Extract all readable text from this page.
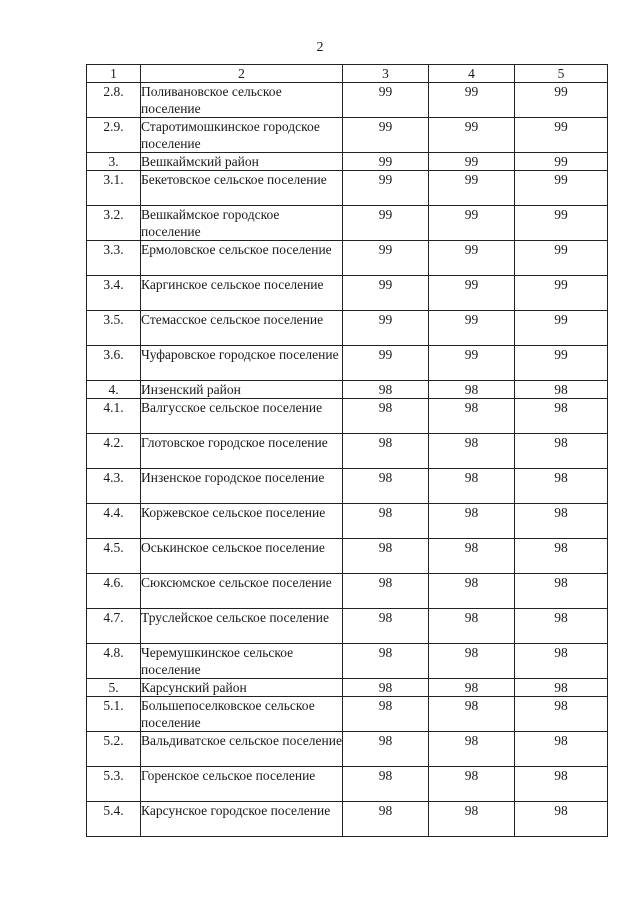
2
1	2	3	4	5
2.8.	Поливановское сельское поселение	99	99	99
2.9.	Старотимошкинское городское поселение	99	99	99
3.	Вешкаймский район	99	99	99
3.1.	Бекетовское сельское поселение	99	99	99
3.2.	Вешкаймское городское поселение	99	99	99
3.3.	Ермоловское сельское поселение	99	99	99
3.4.	Каргинское сельское поселение	99	99	99
3.5.	Стемасское сельское поселение	99	99	99
3.6.	Чуфаровское городское поселение	99	99	99
4.	Инзенский район	98	98	98
4.1.	Валгусское сельское поселение	98	98	98
4.2.	Глотовское городское поселение	98	98	98
4.3.	Инзенское городское поселение	98	98	98
4.4.	Коржевское сельское поселение	98	98	98
4.5.	Оськинское сельское поселение	98	98	98
4.6.	Сюксюмское сельское поселение	98	98	98
4.7.	Труслейское сельское поселение	98	98	98
4.8.	Черемушкинское сельское поселение	98	98	98
5.	Карсунский район	98	98	98
5.1.	Большепоселковское сельское поселение	98	98	98
5.2.	Вальдиватское сельское поселение	98	98	98
5.3.	Горенское сельское поселение	98	98	98
5.4.	Карсунское городское поселение	98	98	98
